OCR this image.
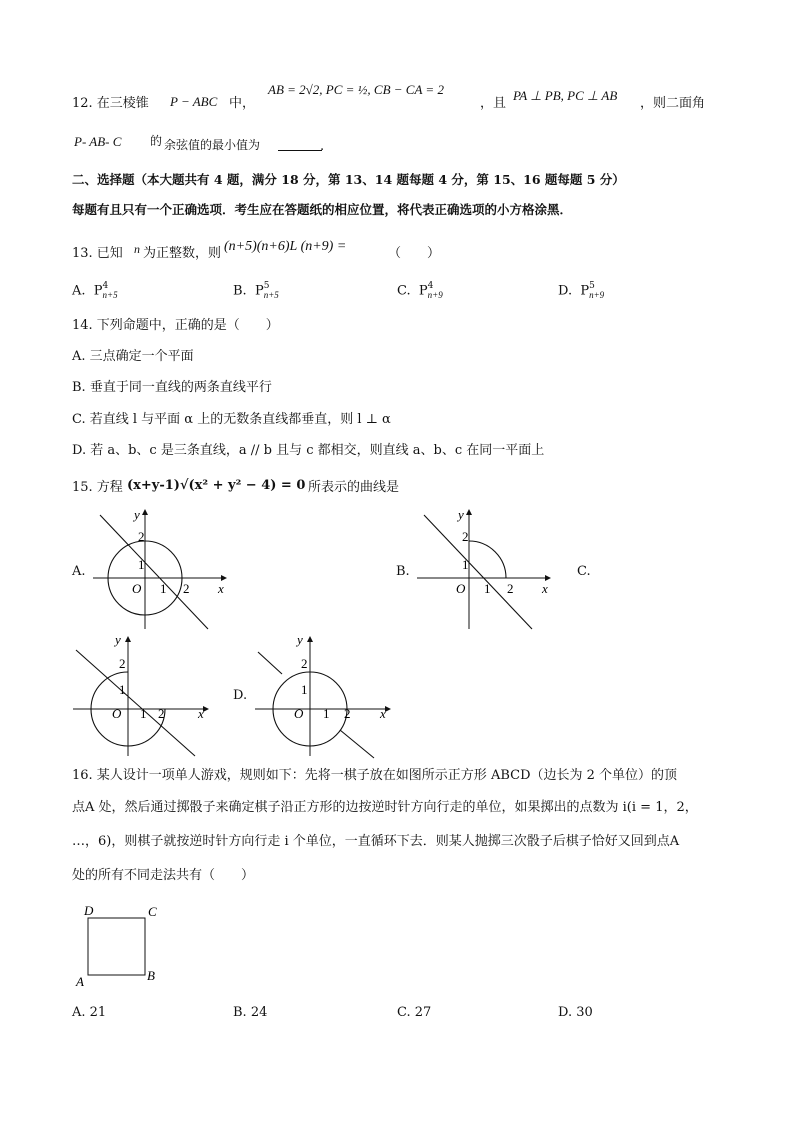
12. 在三棱锥 P − ABC 中，
AB = 2√2, PC = ½, CB − CA = 2
，且
PA ⊥ PB, PC ⊥ AB
，则二面角
P‑ AB‑ C 的 余弦值的最小值为	.
二、选择题（本大题共有 4 题，满分 18 分，第 13、14 题每题 4 分，第 15、16 题每题 5 分）
每题有且只有一个正确选项．考生应在答题纸的相应位置，将代表正确选项的小方格涂黑．
13. 已知 n 为正整数，则 (n+5)(n+6)L (n+9) =	（　　）
A. P 4
n+5	B. P 5
n+5	C. P 4
n+9	D. P 5
n+9
14. 下列命题中，正确的是（　　）
A. 三点确定一个平面
B. 垂直于同一直线的两条直线平行
C. 若直线 l 与平面 α 上的无数条直线都垂直，则 l ⊥ α
D. 若 a、b、c 是三条直线，a // b 且与 c 都相交，则直线 a、b、c 在同一平面上
15. 方程 (x+y-1)√(x² + y² − 4) = 0 所表示的曲线是
A.	B.	C.
D.
y
x
O
2
1
1 2
y
x
O
2
1
1 2
y
x
O
2
1
1 2
y
x
O
2
1
1 2
16. 某人设计一项单人游戏，规则如下：先将一棋子放在如图所示正方形 ABCD（边长为 2 个单位）的顶
点A 处，然后通过掷骰子来确定棋子沿正方形的边按逆时针方向行走的单位，如果掷出的点数为 i(i = 1，2，
…，6)，则棋子就按逆时针方向行走 i 个单位，一直循环下去．则某人抛掷三次骰子后棋子恰好又回到点A
处的所有不同走法共有（　　）
D	C
A	B
A. 21	B. 24	C. 27	D. 30
